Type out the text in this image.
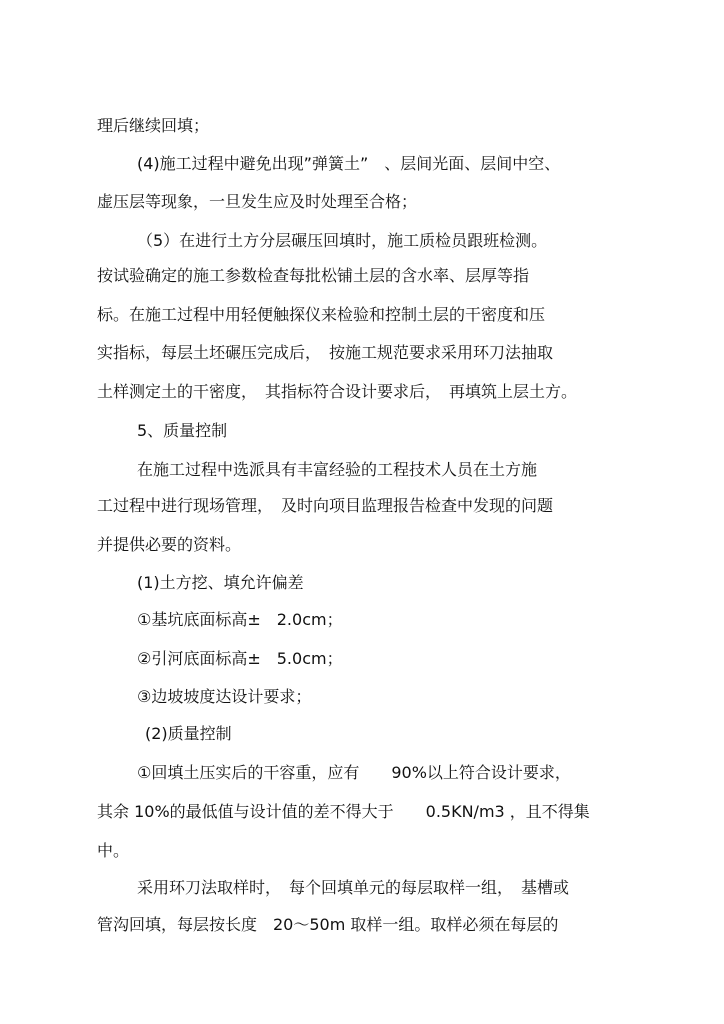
理后继续回填；
(4)施工过程中避免出现”弹簧土”　、层间光面、层间中空、
虚压层等现象，一旦发生应及时处理至合格；
（5）在进行土方分层碾压回填时，施工质检员跟班检测。
按试验确定的施工参数检查每批松铺土层的含水率、层厚等指
标。在施工过程中用轻便触探仪来检验和控制土层的干密度和压
实指标，每层土坯碾压完成后，　按施工规范要求采用环刀法抽取
土样测定土的干密度，　其指标符合设计要求后，　再填筑上层土方。
5、质量控制
在施工过程中选派具有丰富经验的工程技术人员在土方施
工过程中进行现场管理，　及时向项目监理报告检查中发现的问题
并提供必要的资料。
(1)土方挖、填允许偏差
①基坑底面标高±　2.0cm；
②引河底面标高±　5.0cm；
③边坡坡度达设计要求；
(2)质量控制
①回填土压实后的干容重，应有　　90%以上符合设计要求，
其余 10%的最低值与设计值的差不得大于　　0.5KN/m3 ，且不得集
中。
采用环刀法取样时，　每个回填单元的每层取样一组，　基槽或
管沟回填，每层按长度　20～50m 取样一组。取样必须在每层的
